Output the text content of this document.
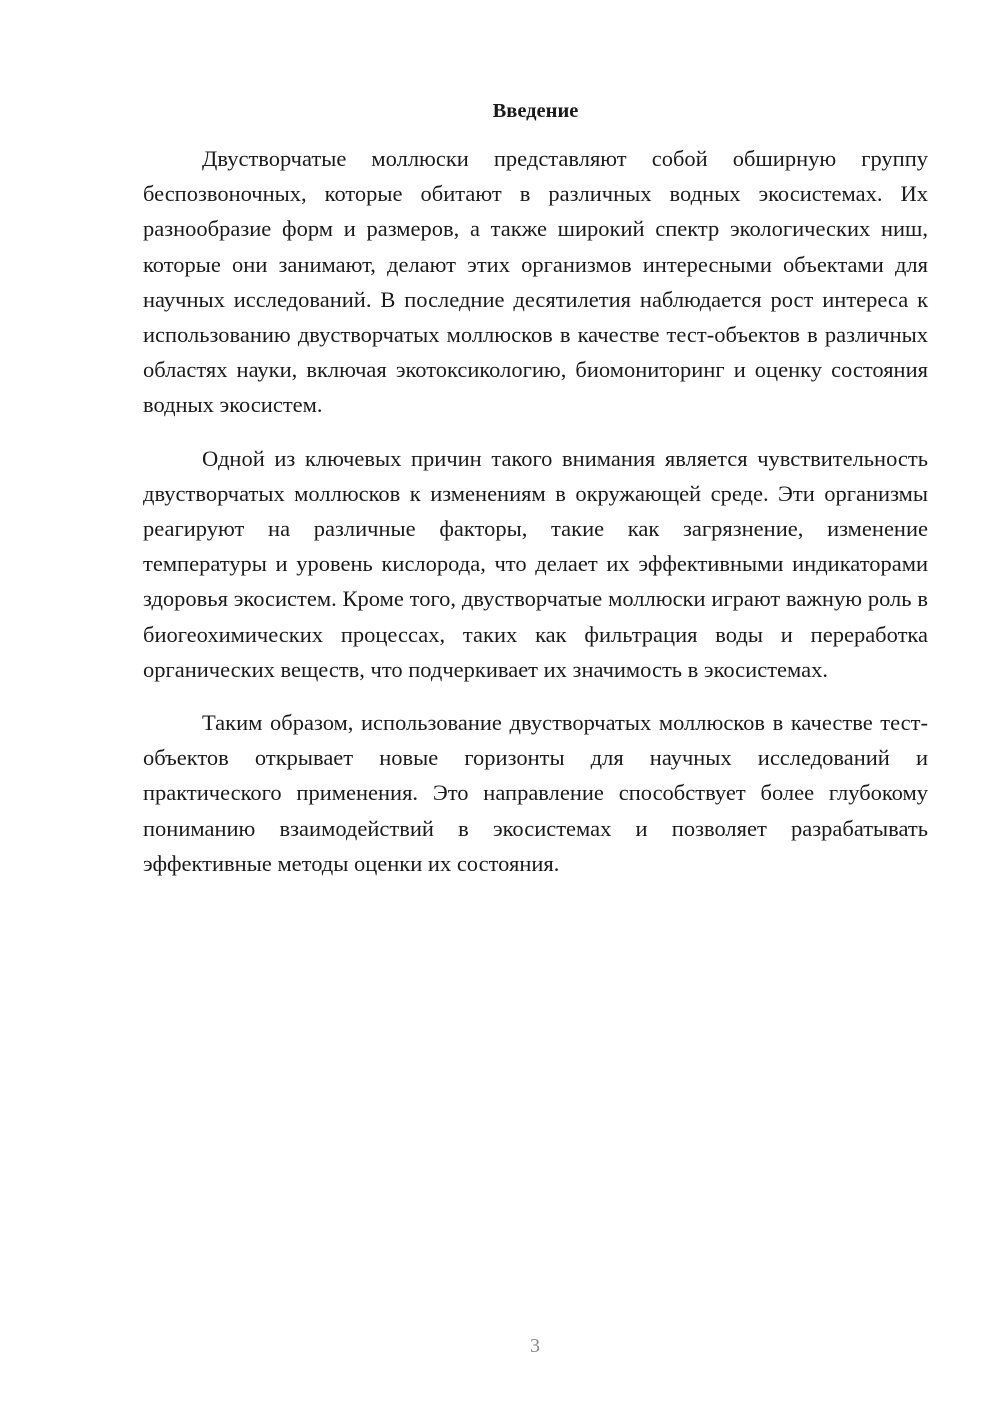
Введение

Двустворчатые моллюски представляют собой обширную группу беспозвоночных, которые обитают в различных водных экосистемах. Их разнообразие форм и размеров, а также широкий спектр экологических ниш, которые они занимают, делают этих организмов интересными объектами для научных исследований. В последние десятилетия наблюдается рост интереса к использованию двустворчатых моллюсков в качестве тест-объектов в различных областях науки, включая экотоксикологию, биомониторинг и оценку состояния водных экосистем.

Одной из ключевых причин такого внимания является чувствительность двустворчатых моллюсков к изменениям в окружающей среде. Эти организмы реагируют на различные факторы, такие как загрязнение, изменение температуры и уровень кислорода, что делает их эффективными индикаторами здоровья экосистем. Кроме того, двустворчатые моллюски играют важную роль в биогеохимических процессах, таких как фильтрация воды и переработка органических веществ, что подчеркивает их значимость в экосистемах.

Таким образом, использование двустворчатых моллюсков в качестве тест-объектов открывает новые горизонты для научных исследований и практического применения. Это направление способствует более глубокому пониманию взаимодействий в экосистемах и позволяет разрабатывать эффективные методы оценки их состояния.

3
